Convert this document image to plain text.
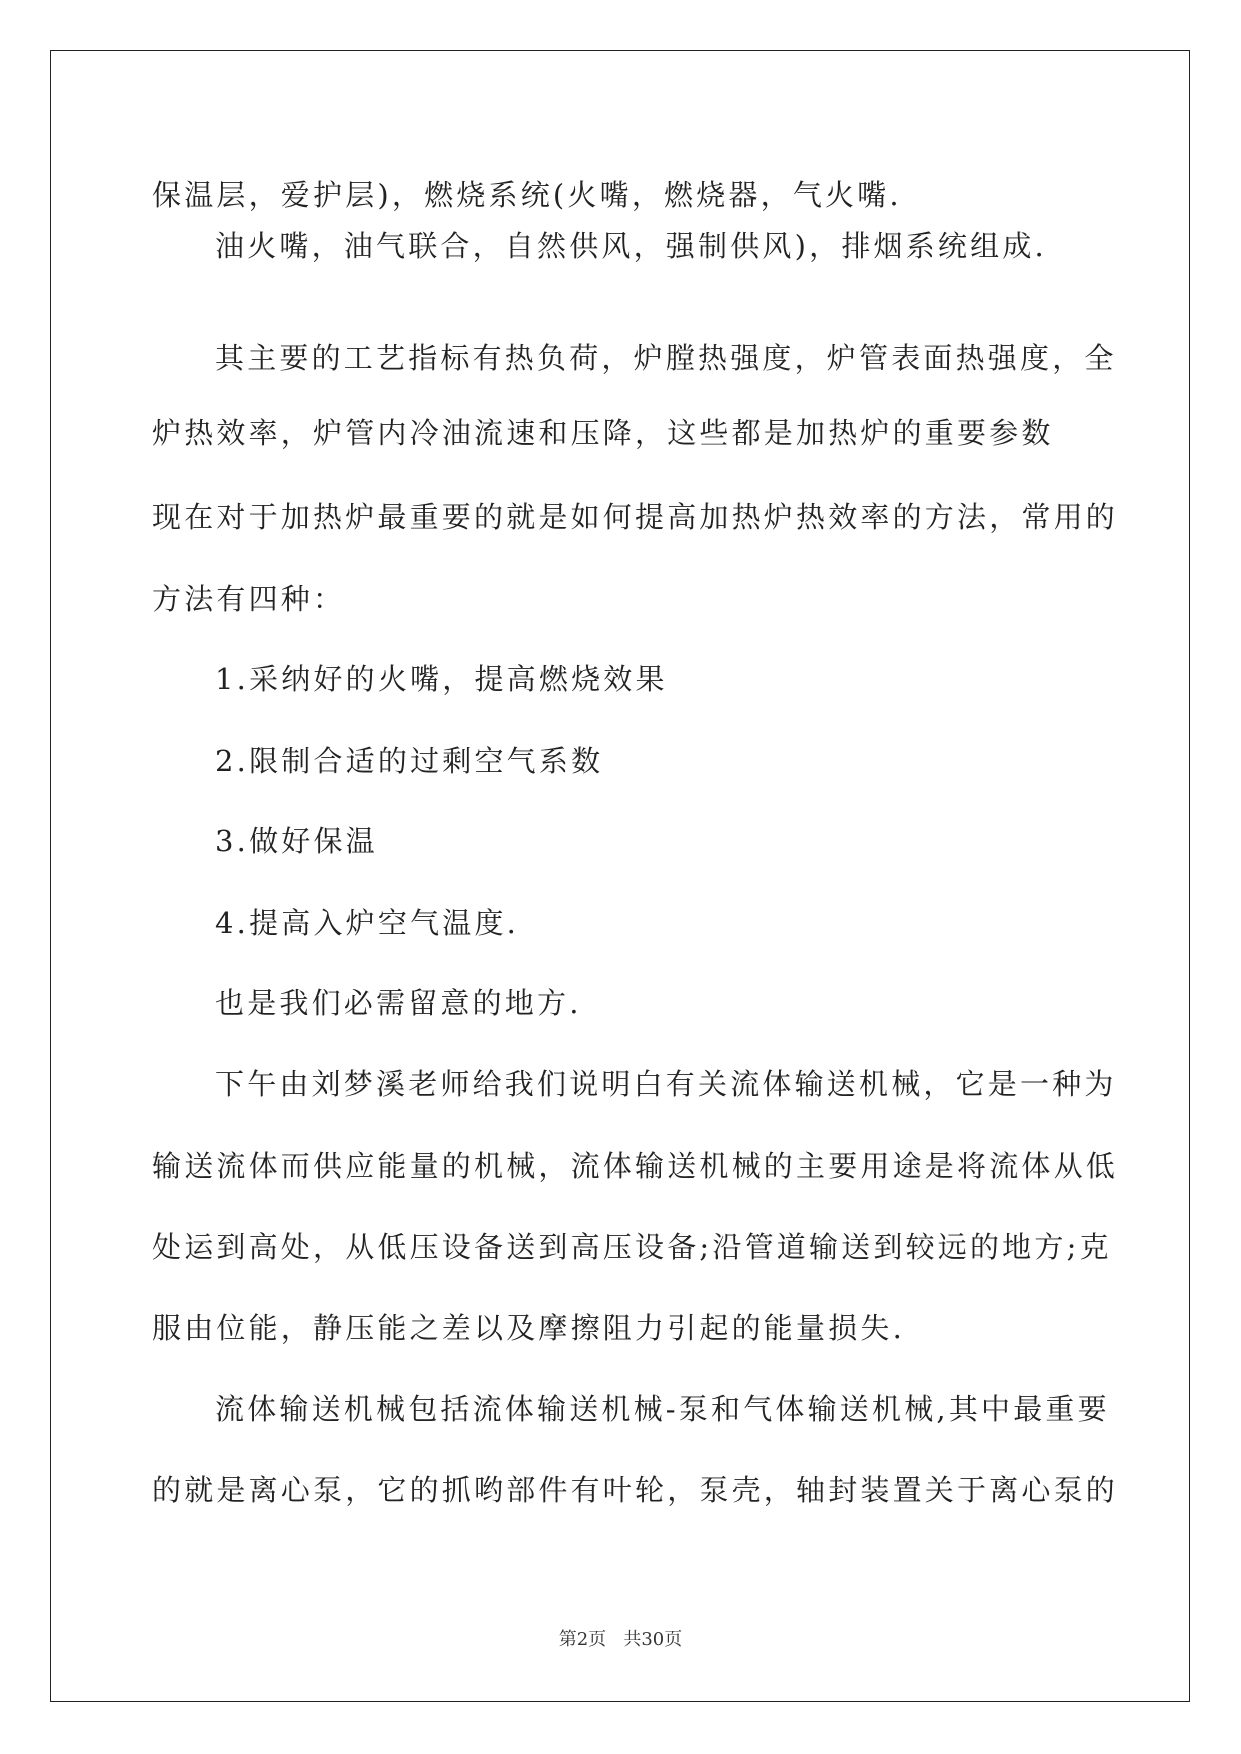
保温层，爱护层)，燃烧系统(火嘴，燃烧器，气火嘴.
油火嘴，油气联合，自然供风，强制供风)，排烟系统组成.
其主要的工艺指标有热负荷，炉膛热强度，炉管表面热强度，全
炉热效率，炉管内冷油流速和压降，这些都是加热炉的重要参数
现在对于加热炉最重要的就是如何提高加热炉热效率的方法，常用的
方法有四种：
1.采纳好的火嘴，提高燃烧效果
2.限制合适的过剩空气系数
3.做好保温
4.提高入炉空气温度.
也是我们必需留意的地方.
下午由刘梦溪老师给我们说明白有关流体输送机械，它是一种为
输送流体而供应能量的机械，流体输送机械的主要用途是将流体从低
处运到高处，从低压设备送到高压设备;沿管道输送到较远的地方;克
服由位能，静压能之差以及摩擦阻力引起的能量损失.
流体输送机械包括流体输送机械-泵和气体输送机械,其中最重要
的就是离心泵，它的抓哟部件有叶轮，泵壳，轴封装置关于离心泵的
第2页   共30页
